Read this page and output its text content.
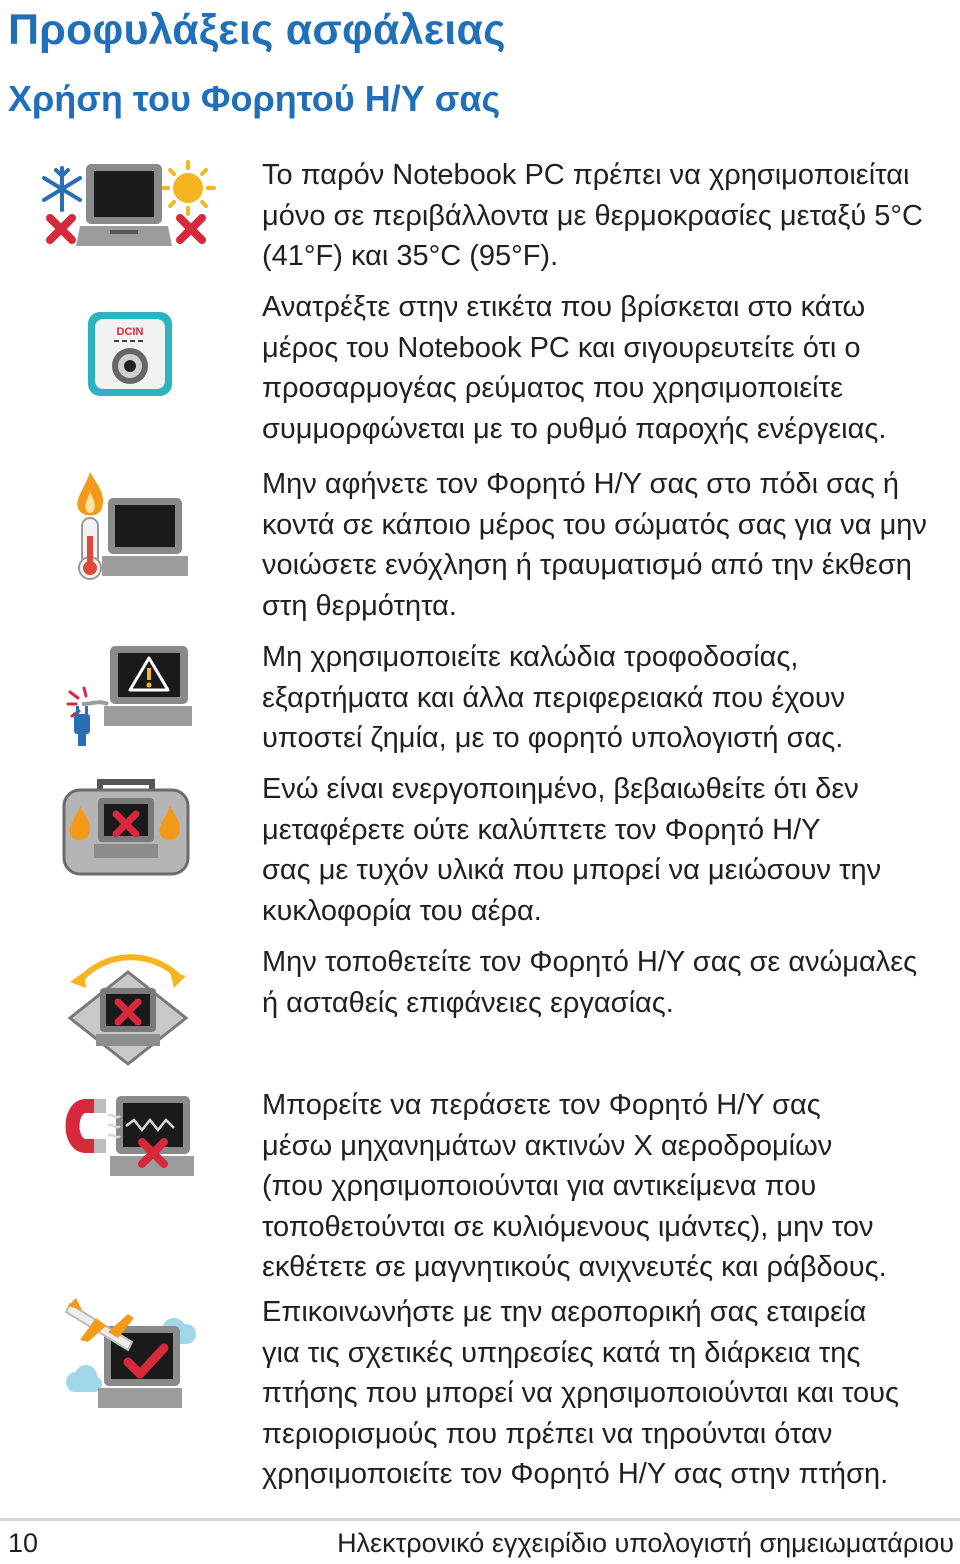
Προφυλάξεις ασφάλειας
Χρήση του Φορητού Η/Υ σας

Το παρόν Notebook PC πρέπει να χρησιμοποιείται
μόνο σε περιβάλλοντα με θερμοκρασίες μεταξύ 5°C
(41°F) και 35°C (95°F).

DCIN

Ανατρέξτε στην ετικέτα που βρίσκεται στο κάτω
μέρος του Notebook PC και σιγουρευτείτε ότι ο
προσαρμογέας ρεύματος που χρησιμοποιείτε
συμμορφώνεται με το ρυθμό παροχής ενέργειας.

Μην αφήνετε τον Φορητό Η/Υ σας στο πόδι σας ή
κοντά σε κάποιο μέρος του σώματός σας για να μην
νοιώσετε ενόχληση ή τραυματισμό από την έκθεση
στη θερμότητα.

Μη χρησιμοποιείτε καλώδια τροφοδοσίας,
εξαρτήματα και άλλα περιφερειακά που έχουν
υποστεί ζημία, με το φορητό υπολογιστή σας.

Ενώ είναι ενεργοποιημένο, βεβαιωθείτε ότι δεν
μεταφέρετε ούτε καλύπτετε τον Φορητό Η/Υ
σας με τυχόν υλικά που μπορεί να μειώσουν την
κυκλοφορία του αέρα.

Μην τοποθετείτε τον Φορητό Η/Υ σας σε ανώμαλες
ή ασταθείς επιφάνειες εργασίας.

Μπορείτε να περάσετε τον Φορητό Η/Υ σας
μέσω μηχανημάτων ακτινών Χ αεροδρομίων
(που χρησιμοποιούνται για αντικείμενα που
τοποθετούνται σε κυλιόμενους ιμάντες), μην τον
εκθέτετε σε μαγνητικούς ανιχνευτές και ράβδους.

Επικοινωνήστε με την αεροπορική σας εταιρεία
για τις σχετικές υπηρεσίες κατά τη διάρκεια της
πτήσης που μπορεί να χρησιμοποιούνται και τους
περιορισμούς που πρέπει να τηρούνται όταν
χρησιμοποιείτε τον Φορητό Η/Υ σας στην πτήση.

10	Ηλεκτρονικό εγχειρίδιο υπολογιστή σημειωματάριου
